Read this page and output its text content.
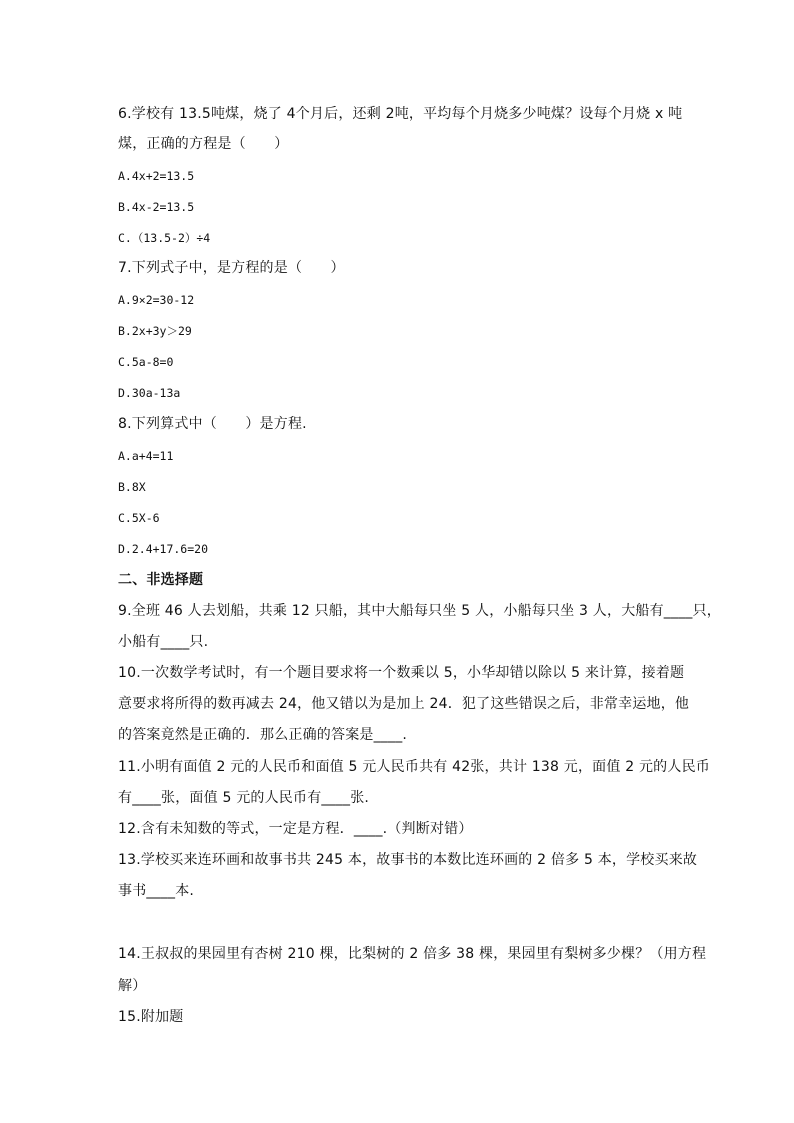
6.学校有 13.5吨煤，烧了 4个月后，还剩 2吨，平均每个月烧多少吨煤？设每个月烧 x 吨
煤，正确的方程是（　　）
A.4x+2=13.5
B.4x-2=13.5
C.（13.5-2）÷4
7.下列式子中，是方程的是（　　）
A.9×2=30-12
B.2x+3y＞29
C.5a-8=0
D.30a-13a
8.下列算式中（　　）是方程.
A.a+4=11
B.8X
C.5X-6
D.2.4+17.6=20
二、非选择题
9.全班 46 人去划船，共乘 12 只船，其中大船每只坐 5 人，小船每只坐 3 人，大船有____只，
小船有____只.
10.一次数学考试时，有一个题目要求将一个数乘以 5，小华却错以除以 5 来计算，接着题
意要求将所得的数再减去 24，他又错以为是加上 24．犯了这些错误之后，非常幸运地，他
的答案竟然是正确的．那么正确的答案是____.
11.小明有面值 2 元的人民币和面值 5 元人民币共有 42张，共计 138 元，面值 2 元的人民币
有____张，面值 5 元的人民币有____张.
12.含有未知数的等式，一定是方程．____.（判断对错）
13.学校买来连环画和故事书共 245 本，故事书的本数比连环画的 2 倍多 5 本，学校买来故
事书____本.
14.王叔叔的果园里有杏树 210 棵，比梨树的 2 倍多 38 棵，果园里有梨树多少棵？（用方程
解）
15.附加题
